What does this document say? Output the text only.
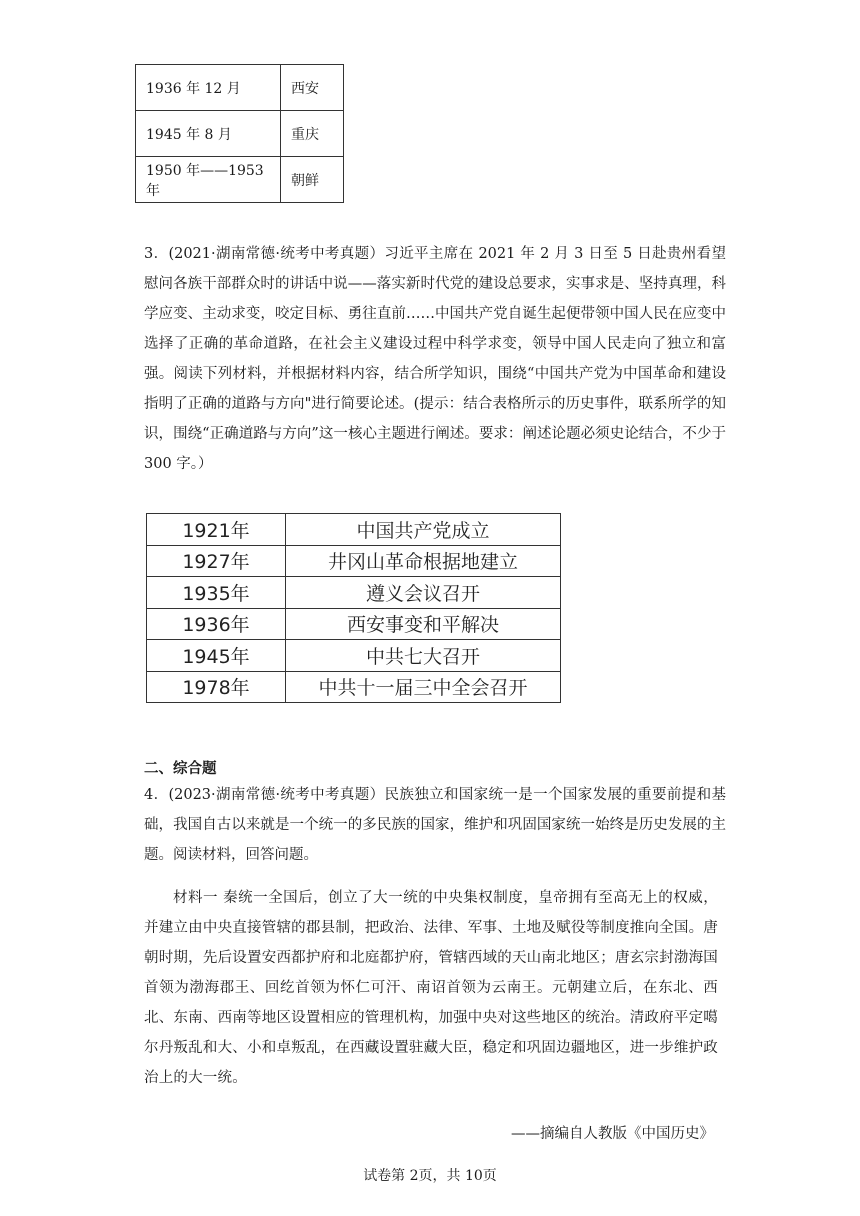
1936 年 12 月	西安
1945 年 8 月	重庆
1950 年——1953 年	朝鲜
3．(2021·湖南常德·统考中考真题）习近平主席在 2021 年 2 月 3 日至 5 日赴贵州看望慰问各族干部群众时的讲话中说——落实新时代党的建设总要求，实事求是、坚持真理，科学应变、主动求变，咬定目标、勇往直前……中国共产党自诞生起便带领中国人民在应变中选择了正确的革命道路，在社会主义建设过程中科学求变，领导中国人民走向了独立和富强。阅读下列材料，并根据材料内容，结合所学知识，围绕“中国共产党为中国革命和建设指明了正确的道路与方向"进行简要论述。(提示：结合表格所示的历史事件，联系所学的知识，围绕“正确道路与方向”这一核心主题进行阐述。要求：阐述论题必须史论结合，不少于 300 字。）
1921年	中国共产党成立
1927年	井冈山革命根据地建立
1935年	遵义会议召开
1936年	西安事变和平解决
1945年	中共七大召开
1978年	中共十一届三中全会召开
二、综合题
4．(2023·湖南常德·统考中考真题）民族独立和国家统一是一个国家发展的重要前提和基础，我国自古以来就是一个统一的多民族的国家，维护和巩固国家统一始终是历史发展的主题。阅读材料，回答问题。
材料一 秦统一全国后，创立了大一统的中央集权制度，皇帝拥有至高无上的权威，并建立由中央直接管辖的郡县制，把政治、法律、军事、土地及赋役等制度推向全国。唐朝时期，先后设置安西都护府和北庭都护府，管辖西域的天山南北地区；唐玄宗封渤海国首领为渤海郡王、回纥首领为怀仁可汗、南诏首领为云南王。元朝建立后，在东北、西北、东南、西南等地区设置相应的管理机构，加强中央对这些地区的统治。清政府平定噶尔丹叛乱和大、小和卓叛乱，在西藏设置驻藏大臣，稳定和巩固边疆地区，进一步维护政治上的大一统。
——摘编自人教版《中国历史》
试卷第 2页，共 10页
